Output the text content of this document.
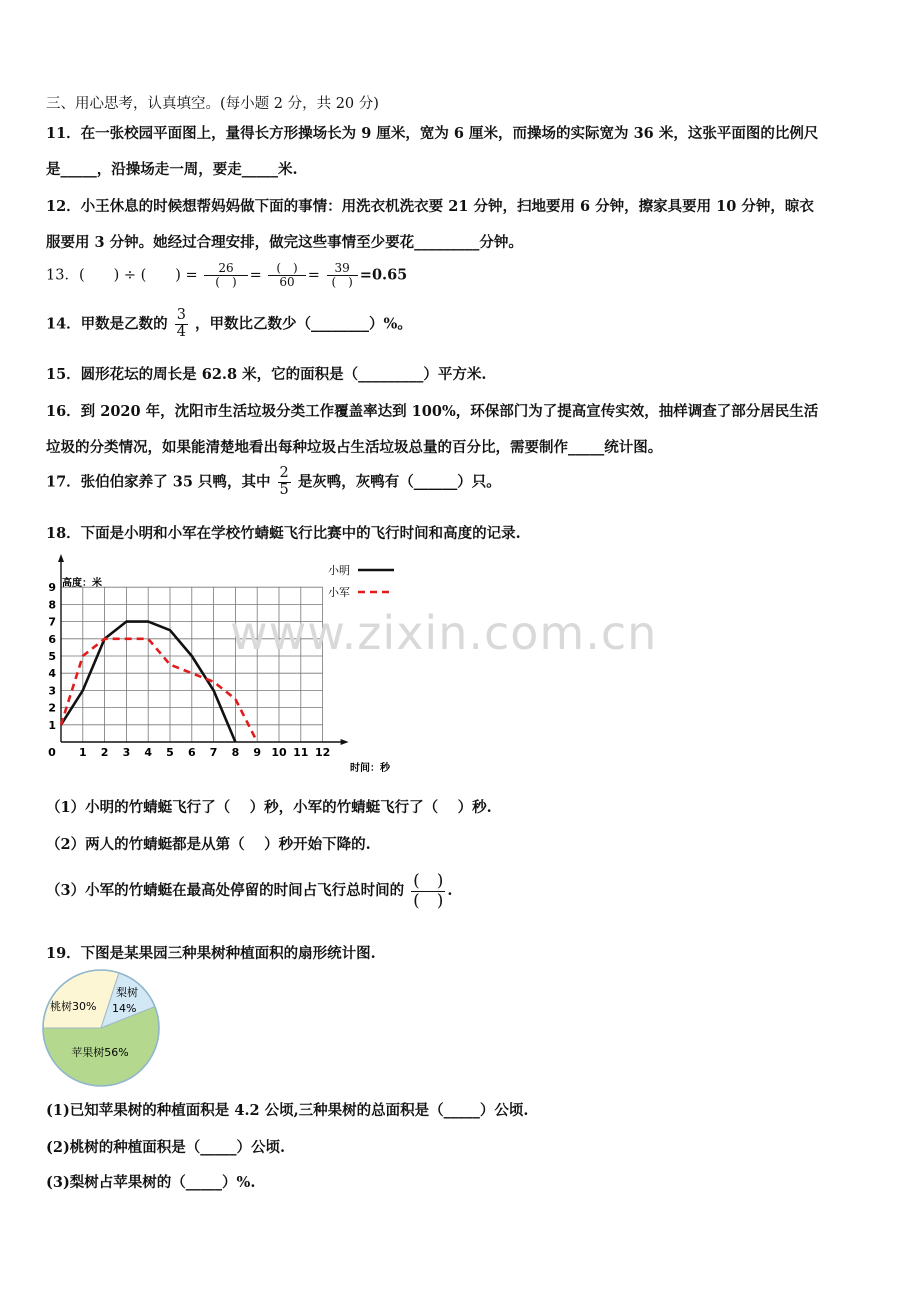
三、用心思考，认真填空。(每小题 2 分，共 20 分)
11．在一张校园平面图上，量得长方形操场长为 9 厘米，宽为 6 厘米，而操场的实际宽为 36 米，这张平面图的比例尺
是_____，沿操场走一周，要走_____米.
12．小王休息的时候想帮妈妈做下面的事情：用洗衣机洗衣要 21 分钟，扫地要用 6 分钟，擦家具要用 10 分钟，晾衣
服要用 3 分钟。她经过合理安排，做完这些事情至少要花_________分钟。
13．(　　) ÷ (　　) = $\frac{26}{( )} = \frac{( )}{60} = \frac{39}{( )} =0.65$
14．甲数是乙数的 $\frac{3}{4}$ ，甲数比乙数少（________）%。
15．圆形花坛的周长是 62.8 米，它的面积是（_________）平方米.
16．到 2020 年，沈阳市生活垃圾分类工作覆盖率达到 100%，环保部门为了提高宣传实效，抽样调查了部分居民生活
垃圾的分类情况，如果能清楚地看出每种垃圾占生活垃圾总量的百分比，需要制作_____统计图。
17．张伯伯家养了 35 只鸭，其中 $\frac{2}{5}$ 是灰鸭，灰鸭有（______）只。
18．下面是小明和小军在学校竹蜻蜓飞行比赛中的飞行时间和高度的记录.
0 1 2 3 4 5 6 7 8 9 10 11 12
1
2
3
4
5
6
7
8
9 高度：米
时间：秒
小明
小军
www.zixin.com.cn
（1）小明的竹蜻蜓飞行了（　 ）秒，小军的竹蜻蜓飞行了（　 ）秒.
（2）两人的竹蜻蜓都是从第（　 ）秒开始下降的.
（3）小军的竹蜻蜓在最高处停留的时间占飞行总时间的 $\frac{( )}{( )}$ .
19．下图是某果园三种果树种植面积的扇形统计图.
桃树30%
梨树
14%
苹果树56%
(1)已知苹果树的种植面积是 4.2 公顷,三种果树的总面积是（_____）公顷.
(2)桃树的种植面积是（_____）公顷.
(3)梨树占苹果树的（_____）%.
